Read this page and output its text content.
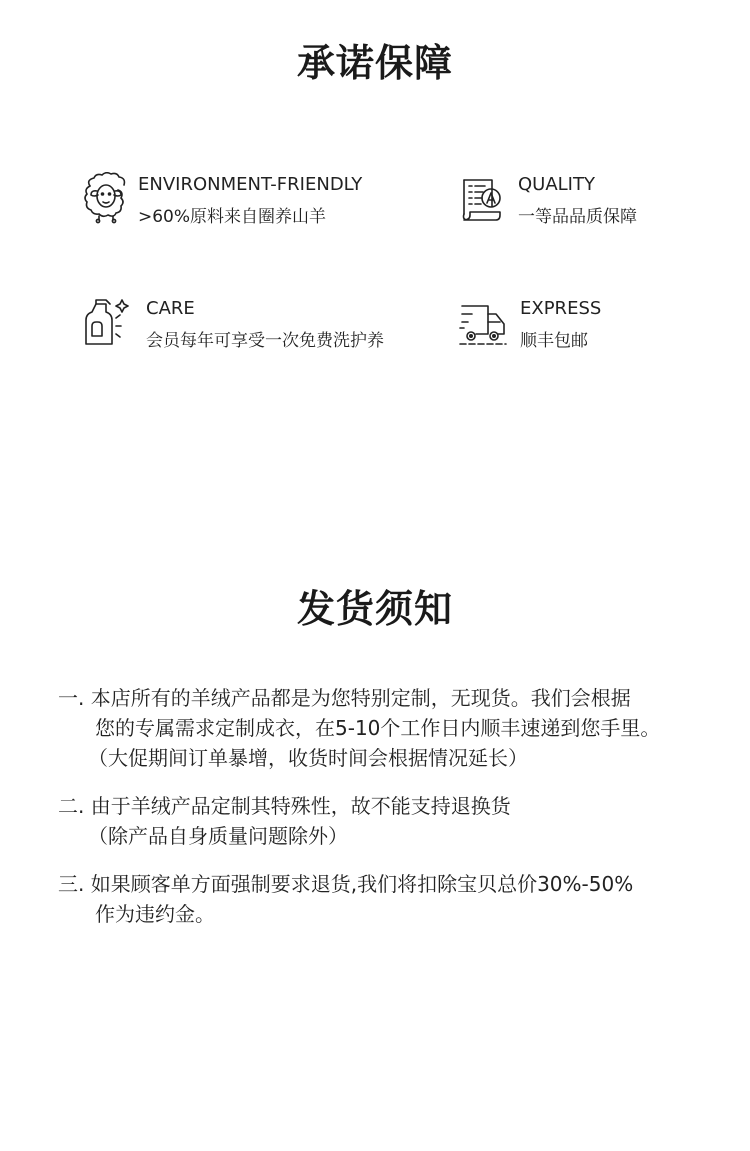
承诺保障
ENVIRONMENT-FRIENDLY
>60%原料来自圈养山羊
QUALITY
一等品品质保障
CARE
会员每年可享受一次免费洗护养
EXPRESS
顺丰包邮
发货须知
一. 本店所有的羊绒产品都是为您特别定制，无现货。我们会根据
您的专属需求定制成衣，在5-10个工作日内顺丰速递到您手里。
（大促期间订单暴增，收货时间会根据情况延长）
二. 由于羊绒产品定制其特殊性，故不能支持退换货
（除产品自身质量问题除外）
三. 如果顾客单方面强制要求退货,我们将扣除宝贝总价30%-50%
作为违约金。
